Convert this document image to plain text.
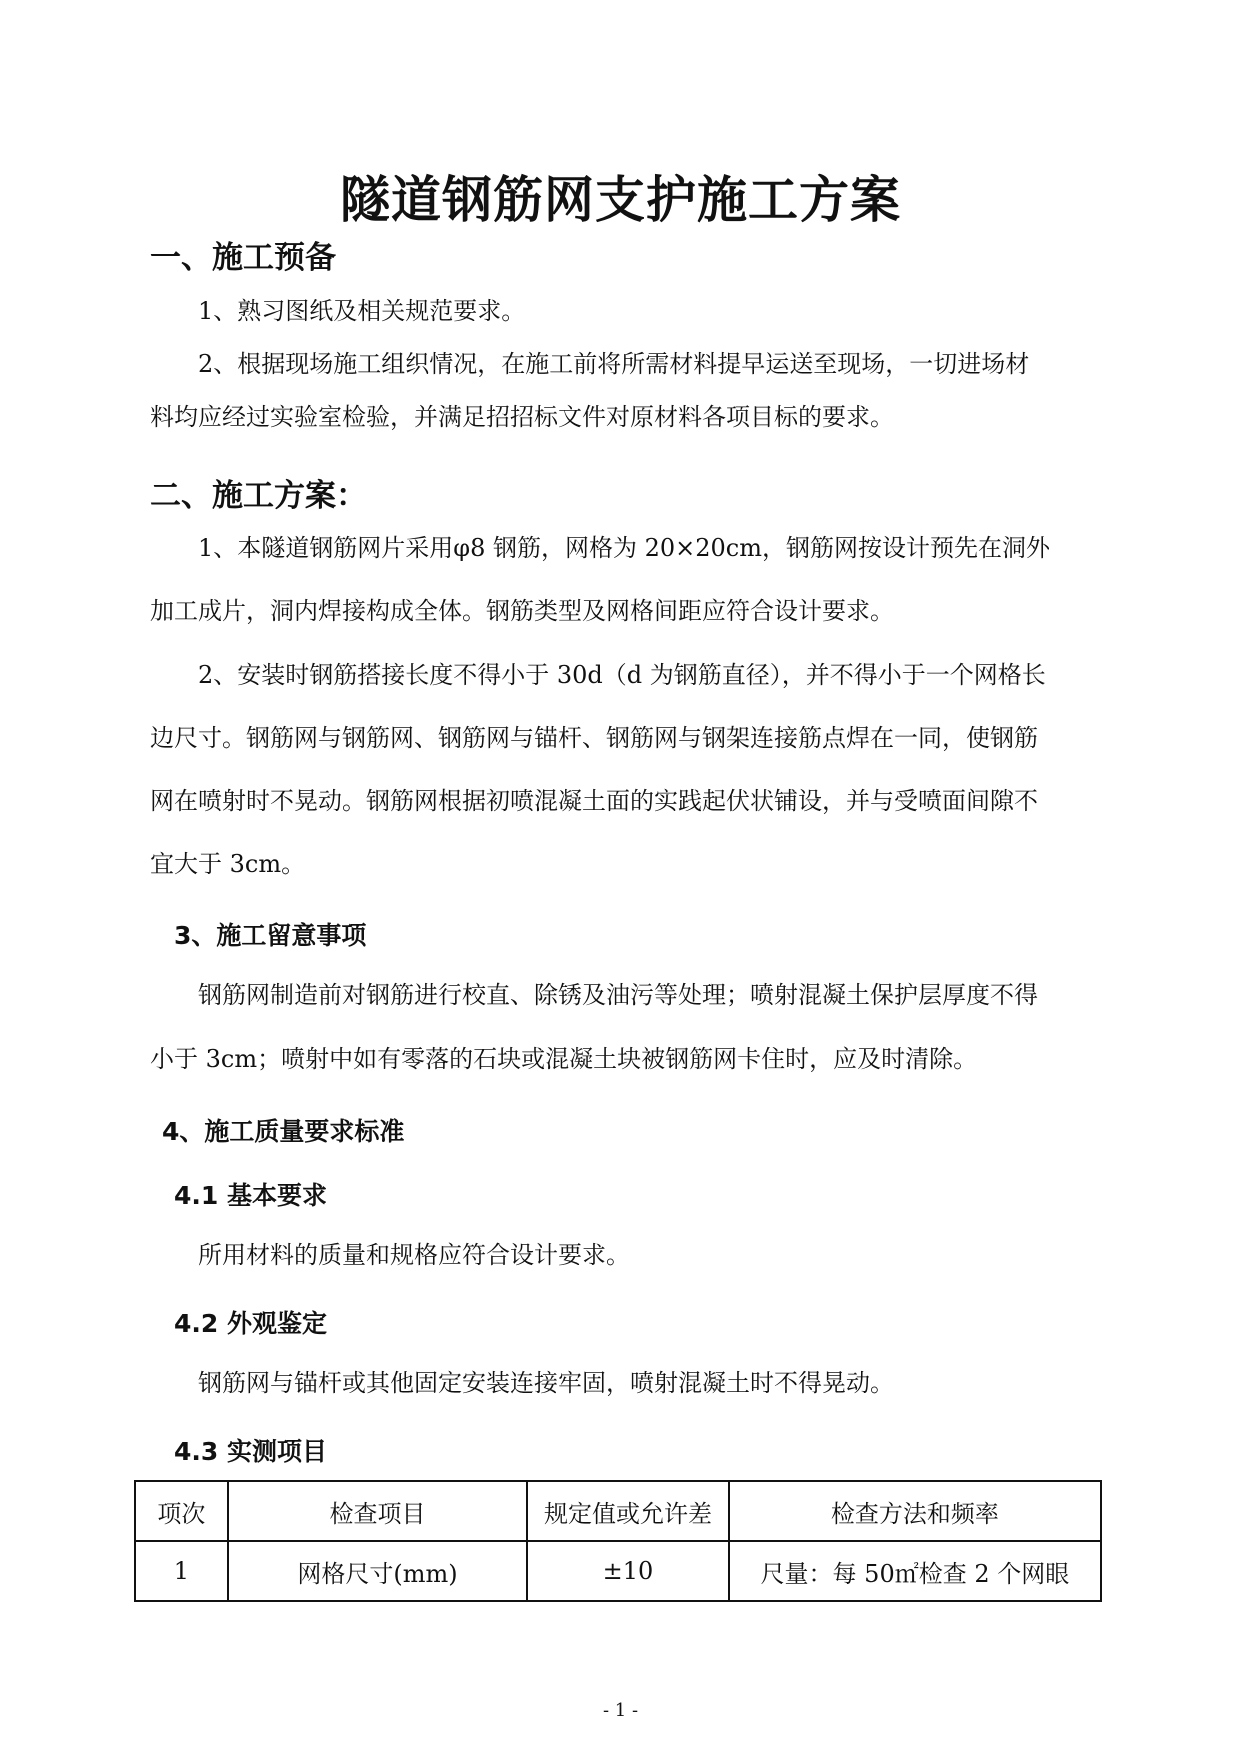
隧道钢筋网支护施工方案
一、施工预备
1、熟习图纸及相关规范要求。
2、根据现场施工组织情况，在施工前将所需材料提早运送至现场，一切进场材
料均应经过实验室检验，并满足招招标文件对原材料各项目标的要求。
二、施工方案：
1、本隧道钢筋网片采用φ8 钢筋，网格为 20×20cm，钢筋网按设计预先在洞外
加工成片，洞内焊接构成全体。钢筋类型及网格间距应符合设计要求。
2、安装时钢筋搭接长度不得小于 30d（d 为钢筋直径），并不得小于一个网格长
边尺寸。钢筋网与钢筋网、钢筋网与锚杆、钢筋网与钢架连接筋点焊在一同，使钢筋
网在喷射时不晃动。钢筋网根据初喷混凝土面的实践起伏状铺设，并与受喷面间隙不
宜大于 3cm。
3、施工留意事项
钢筋网制造前对钢筋进行校直、除锈及油污等处理；喷射混凝土保护层厚度不得
小于 3cm；喷射中如有零落的石块或混凝土块被钢筋网卡住时，应及时清除。
4、施工质量要求标准
4.1 基本要求
所用材料的质量和规格应符合设计要求。
4.2 外观鉴定
钢筋网与锚杆或其他固定安装连接牢固，喷射混凝土时不得晃动。
4.3 实测项目
项次	检查项目	规定值或允许差	检查方法和频率
1	网格尺寸(mm)	±10	尺量：每 50㎡检查 2 个网眼
- 1 -
